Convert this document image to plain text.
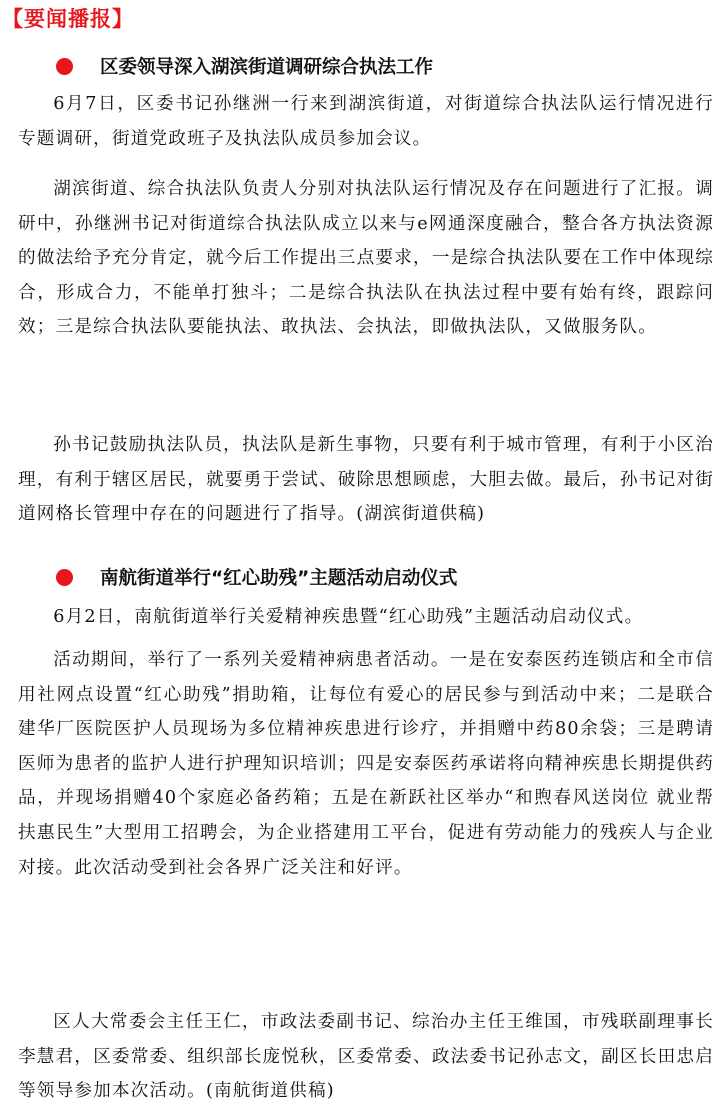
【要闻播报】
区委领导深入湖滨街道调研综合执法工作
6月7日，区委书记孙继洲一行来到湖滨街道，对街道综合执法队运行情况进行专题调研，街道党政班子及执法队成员参加会议。
湖滨街道、综合执法队负责人分别对执法队运行情况及存在问题进行了汇报。调研中，孙继洲书记对街道综合执法队成立以来与e网通深度融合，整合各方执法资源的做法给予充分肯定，就今后工作提出三点要求，一是综合执法队要在工作中体现综合，形成合力，不能单打独斗；二是综合执法队在执法过程中要有始有终，跟踪问效；三是综合执法队要能执法、敢执法、会执法，即做执法队，又做服务队。
孙书记鼓励执法队员，执法队是新生事物，只要有利于城市管理，有利于小区治理，有利于辖区居民，就要勇于尝试、破除思想顾虑，大胆去做。最后，孙书记对街道网格长管理中存在的问题进行了指导。(湖滨街道供稿)
南航街道举行“红心助残”主题活动启动仪式
6月2日，南航街道举行关爱精神疾患暨“红心助残”主题活动启动仪式。
活动期间，举行了一系列关爱精神病患者活动。一是在安泰医药连锁店和全市信用社网点设置“红心助残”捐助箱，让每位有爱心的居民参与到活动中来；二是联合建华厂医院医护人员现场为多位精神疾患进行诊疗，并捐赠中药80余袋；三是聘请医师为患者的监护人进行护理知识培训；四是安泰医药承诺将向精神疾患长期提供药品，并现场捐赠40个家庭必备药箱；五是在新跃社区举办“和煦春风送岗位 就业帮扶惠民生”大型用工招聘会，为企业搭建用工平台，促进有劳动能力的残疾人与企业对接。此次活动受到社会各界广泛关注和好评。
区人大常委会主任王仁，市政法委副书记、综治办主任王维国，市残联副理事长李慧君，区委常委、组织部长庞悦秋，区委常委、政法委书记孙志文，副区长田忠启等领导参加本次活动。(南航街道供稿)
